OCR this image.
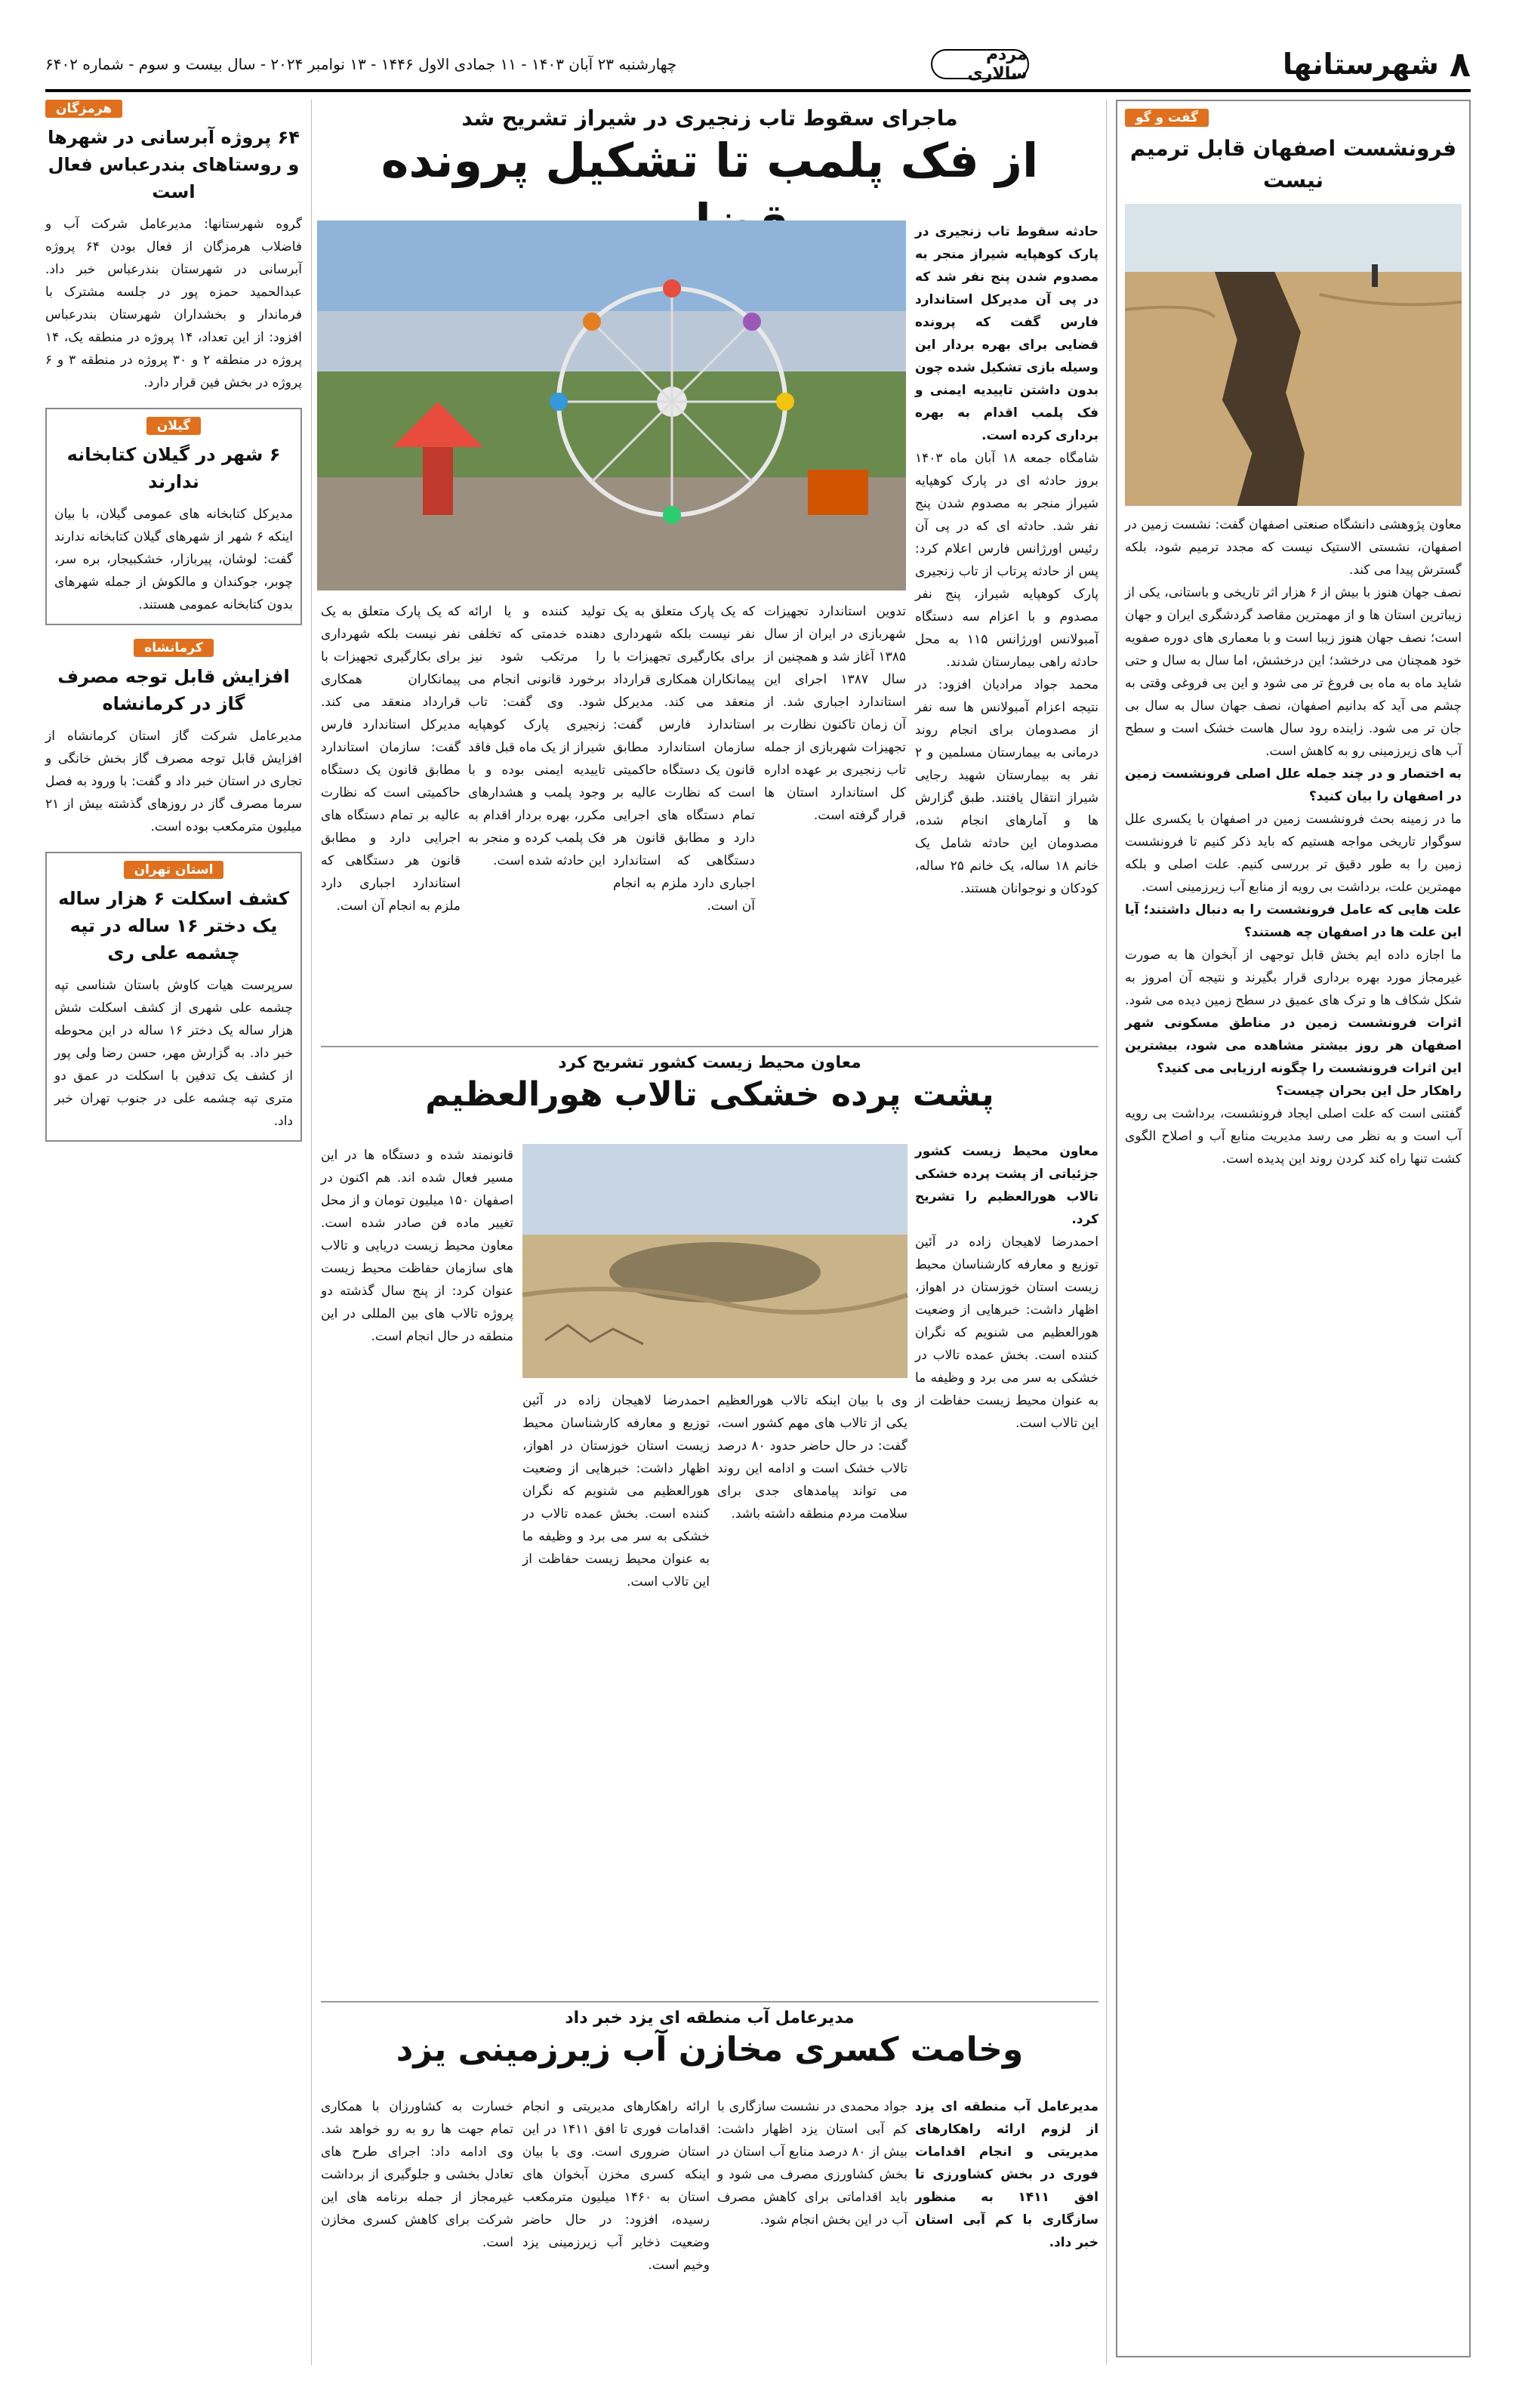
۸
شهرستانها
مردم سالاری
چهارشنبه ۲۳ آبان ۱۴۰۳ - ۱۱ جمادی الاول ۱۴۴۶ - ۱۳ نوامبر ۲۰۲۴ - سال بیست و سوم - شماره ۶۴۰۲
گفت و گو
فرونشست اصفهان قابل ترمیم نیست

معاون پژوهشی دانشگاه صنعتی اصفهان گفت: نشست زمین در اصفهان، نشستی الاستیک نیست که مجدد ترمیم شود، بلکه گسترش پیدا می کند.

نصف جهان هنوز با بیش از ۶ هزار اثر تاریخی و باستانی، یکی از زیباترین استان ها و از مهمترین مقاصد گردشگری ایران و جهان است؛ نصف جهان هنوز زیبا است و با معماری های دوره صفویه خود همچنان می درخشد؛ این درخشش، اما سال به سال و حتی شاید ماه به ماه بی فروغ تر می شود و این بی فروغی وقتی به چشم می آید که بدانیم اصفهان، نصف جهان سال به سال بی جان تر می شود. زاینده رود سال هاست خشک است و سطح آب های زیرزمینی رو به کاهش است.

به اختصار و در چند جمله علل اصلی فرونشست زمین در اصفهان را بیان کنید؟

ما در زمینه بحث فرونشست زمین در اصفهان با یکسری علل سوگوار تاریخی مواجه هستیم که باید ذکر کنیم تا فرونشست زمین را به طور دقیق تر بررسی کنیم. علت اصلی و بلکه مهمترین علت، برداشت بی رویه از منابع آب زیرزمینی است.

علت هایی که عامل فرونشست را به دنبال داشتند؛ آیا این علت ها در اصفهان چه هستند؟

ما اجازه داده ایم بخش قابل توجهی از آبخوان ها به صورت غیرمجاز مورد بهره برداری قرار بگیرند و نتیجه آن امروز به شکل شکاف ها و ترک های عمیق در سطح زمین دیده می شود.

اثرات فرونشست زمین در مناطق مسکونی شهر اصفهان هر روز بیشتر مشاهده می شود، بیشترین این اثرات فرونشست را چگونه ارزیابی می کنید؟

راهکار حل این بحران چیست؟

گفتنی است که علت اصلی ایجاد فرونشست، برداشت بی رویه آب است و به نظر می رسد مدیریت منابع آب و اصلاح الگوی کشت تنها راه کند کردن روند این پدیده است.

هرمزگان
۶۴ پروژه آبرسانی در شهرها و روستاهای بندرعباس فعال است

گروه شهرستانها: مدیرعامل شرکت آب و فاضلاب هرمزگان از فعال بودن ۶۴ پروژه آبرسانی در شهرستان بندرعباس خبر داد. عبدالحمید حمزه پور در جلسه مشترک با فرماندار و بخشداران شهرستان بندرعباس افزود: از این تعداد، ۱۴ پروژه در منطقه یک، ۱۴ پروژه در منطقه ۲ و ۳۰ پروژه در منطقه ۳ و ۶ پروژه در بخش فین قرار دارد.

گیلان
۶ شهر در گیلان کتابخانه ندارند

مدیرکل کتابخانه های عمومی گیلان، با بیان اینکه ۶ شهر از شهرهای گیلان کتابخانه ندارند گفت: لوشان، پیربازار، خشکبیجار، بره سر، چوبر، جوکندان و مالکوش از جمله شهرهای بدون کتابخانه عمومی هستند.

کرمانشاه
افزایش قابل توجه مصرف گاز در کرمانشاه

مدیرعامل شرکت گاز استان کرمانشاه از افزایش قابل توجه مصرف گاز بخش خانگی و تجاری در استان خبر داد و گفت: با ورود به فصل سرما مصرف گاز در روزهای گذشته بیش از ۲۱ میلیون مترمکعب بوده است.

استان تهران
کشف اسکلت ۶ هزار ساله یک دختر ۱۶ ساله در تپه چشمه علی ری

سرپرست هیات کاوش باستان شناسی تپه چشمه علی شهری از کشف اسکلت شش هزار ساله یک دختر ۱۶ ساله در این محوطه خبر داد. به گزارش مهر، حسن رضا ولی پور از کشف یک تدفین با اسکلت در عمق دو متری تپه چشمه علی در جنوب تهران خبر داد.

ماجرای سقوط تاب زنجیری در شیراز تشریح شد
از فک پلمب تا تشکیل پرونده

حادثه سقوط تاب زنجیری در پارک کوهپایه شیراز منجر به مصدوم شدن پنج نفر شد که در پی آن مدیرکل استاندارد فارس گفت که پرونده قضایی برای بهره بردار این وسیله بازی تشکیل شده چون بدون داشتن تاییدیه ایمنی و فک پلمب اقدام به بهره برداری کرده است.

شامگاه جمعه ۱۸ آبان ماه ۱۴۰۳ بروز حادثه ای در پارک کوهپایه شیراز منجر به مصدوم شدن پنج نفر شد. حادثه ای که در پی آن رئیس اورژانس فارس اعلام کرد: پس از حادثه پرتاب از تاب زنجیری پارک کوهپایه شیراز، پنج نفر مصدوم و با اعزام سه دستگاه آمبولانس اورژانس ۱۱۵ به محل حادثه راهی بیمارستان شدند.

محمد جواد مرادیان افزود: در نتیجه اعزام آمبولانس ها سه نفر از مصدومان برای انجام روند درمانی به بیمارستان مسلمین و ۲ نفر به بیمارستان شهید رجایی شیراز انتقال یافتند. طبق گزارش ها و آمارهای انجام شده، مصدومان این حادثه شامل یک خانم ۱۸ ساله، یک خانم ۲۵ ساله، کودکان و نوجوانان هستند.

تدوین استاندارد تجهیزات شهربازی در ایران از سال ۱۳۸۵ آغاز شد و همچنین از سال ۱۳۸۷ اجرای این استاندارد اجباری شد. از آن زمان تاکنون نظارت بر تجهیزات شهربازی از جمله تاب زنجیری بر عهده اداره کل استاندارد استان ها قرار گرفته است.

که یک پارک متعلق به یک نفر نیست بلکه شهرداری برای بکارگیری تجهیزات با پیمانکاران همکاری قرارداد منعقد می کند. مدیرکل استاندارد فارس گفت: سازمان استاندارد مطابق قانون یک دستگاه حاکمیتی است که نظارت عالیه بر تمام دستگاه های اجرایی دارد و مطابق قانون هر دستگاهی که استاندارد اجباری دارد ملزم به انجام آن است.

تولید کننده و یا ارائه دهنده خدمتی که تخلفی را مرتکب شود نیز برخورد قانونی انجام می شود. وی گفت: تاب زنجیری پارک کوهپایه شیراز از یک ماه قبل فاقد تاییدیه ایمنی بوده و با وجود پلمب و هشدارهای مکرر، بهره بردار اقدام به فک پلمب کرده و منجر به این حادثه شده است.

که یک پارک متعلق به یک نفر نیست بلکه شهرداری برای بکارگیری تجهیزات با پیمانکاران همکاری قرارداد منعقد می کند. مدیرکل استاندارد فارس گفت: سازمان استاندارد مطابق قانون یک دستگاه حاکمیتی است که نظارت عالیه بر تمام دستگاه های اجرایی دارد و مطابق قانون هر دستگاهی که استاندارد اجباری دارد ملزم به انجام آن است.

معاون محیط زیست کشور تشریح کرد
پشت پرده خشکی تالاب هورالعظیم

معاون محیط زیست کشور جزئیاتی از پشت پرده خشکی تالاب هورالعظیم را تشریح کرد.

احمدرضا لاهیجان زاده در آئین توزیع و معارفه کارشناسان محیط زیست استان خوزستان در اهواز، اظهار داشت: خبرهایی از وضعیت هورالعظیم می شنویم که نگران کننده است. بخش عمده تالاب در خشکی به سر می برد و وظیفه ما به عنوان محیط زیست حفاظت از این تالاب است.

قانونمند شده و دستگاه ها در این مسیر فعال شده اند. هم اکنون در اصفهان ۱۵۰ میلیون تومان و از محل تغییر ماده فن صادر شده است. معاون محیط زیست دریایی و تالاب های سازمان حفاظت محیط زیست عنوان کرد: از پنج سال گذشته دو پروژه تالاب های بین المللی در این منطقه در حال انجام است.

وی با بیان اینکه تالاب هورالعظیم یکی از تالاب های مهم کشور است، گفت: در حال حاضر حدود ۸۰ درصد تالاب خشک است و ادامه این روند می تواند پیامدهای جدی برای سلامت مردم منطقه داشته باشد.

احمدرضا لاهیجان زاده در آئین توزیع و معارفه کارشناسان محیط زیست استان خوزستان در اهواز، اظهار داشت: خبرهایی از وضعیت هورالعظیم می شنویم که نگران کننده است. بخش عمده تالاب در خشکی به سر می برد و وظیفه ما به عنوان محیط زیست حفاظت از این تالاب است.

مدیرعامل آب منطقه ای یزد خبر داد
وخامت کسری مخازن آب زیرزمینی یزد

مدیرعامل آب منطقه ای یزد از لزوم ارائه راهکارهای مدیریتی و انجام اقدامات فوری در بخش کشاورزی تا افق ۱۴۱۱ به منظور سازگاری با کم آبی استان خبر داد.

جواد محمدی در نشست سازگاری با کم آبی استان یزد اظهار داشت: بیش از ۸۰ درصد منابع آب استان در بخش کشاورزی مصرف می شود و باید اقداماتی برای کاهش مصرف آب در این بخش انجام شود.

ارائه راهکارهای مدیریتی و انجام اقدامات فوری تا افق ۱۴۱۱ در این استان ضروری است. وی با بیان اینکه کسری مخزن آبخوان های استان به ۱۴۶۰ میلیون مترمکعب رسیده، افزود: در حال حاضر وضعیت ذخایر آب زیرزمینی یزد وخیم است.

خسارت به کشاورزان با همکاری تمام جهت ها رو به رو خواهد شد. وی ادامه داد: اجرای طرح های تعادل بخشی و جلوگیری از برداشت غیرمجاز از جمله برنامه های این شرکت برای کاهش کسری مخازن است.
